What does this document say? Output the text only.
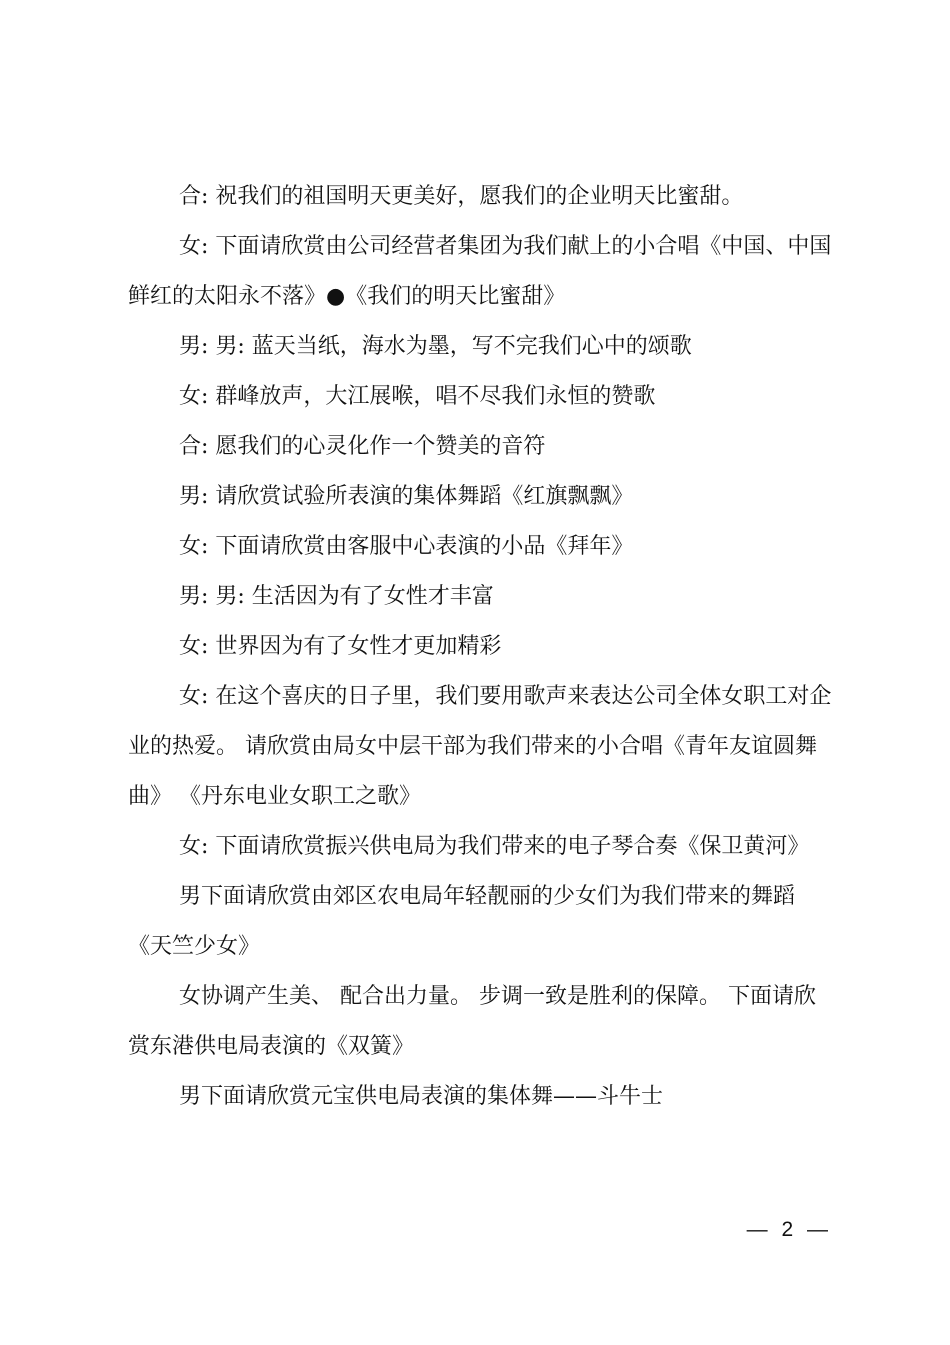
合: 祝我们的祖国明天更美好，愿我们的企业明天比蜜甜。

女: 下面请欣赏由公司经营者集团为我们献上的小合唱《中国、中国鲜红的太阳永不落》●《我们的明天比蜜甜》

男: 男: 蓝天当纸，海水为墨，写不完我们心中的颂歌

女: 群峰放声，大江展喉，唱不尽我们永恒的赞歌

合: 愿我们的心灵化作一个赞美的音符

男: 请欣赏试验所表演的集体舞蹈《红旗飘飘》

女: 下面请欣赏由客服中心表演的小品《拜年》

男: 男: 生活因为有了女性才丰富

女: 世界因为有了女性才更加精彩

女: 在这个喜庆的日子里，我们要用歌声来表达公司全体女职工对企业的热爱。 请欣赏由局女中层干部为我们带来的小合唱《青年友谊圆舞曲》 《丹东电业女职工之歌》

女: 下面请欣赏振兴供电局为我们带来的电子琴合奏《保卫黄河》

男下面请欣赏由郊区农电局年轻靓丽的少女们为我们带来的舞蹈《天竺少女》

女协调产生美、 配合出力量。 步调一致是胜利的保障。 下面请欣赏东港供电局表演的《双簧》

男下面请欣赏元宝供电局表演的集体舞——斗牛士

— 2 —
